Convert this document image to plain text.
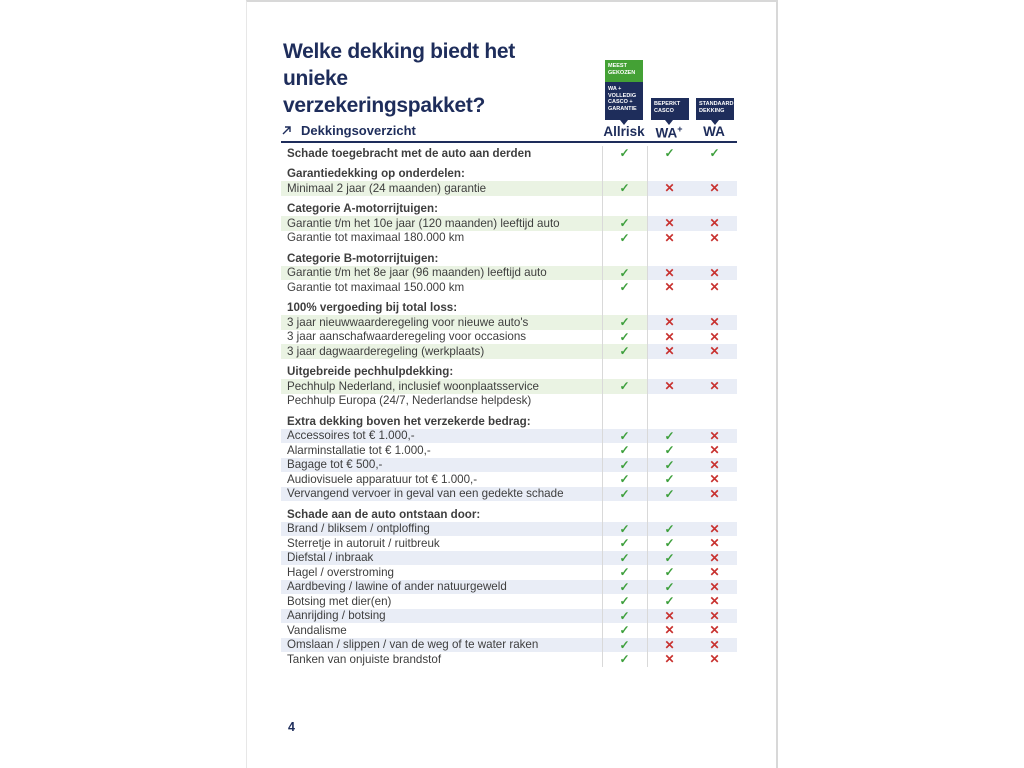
Welke dekking biedt het unieke
verzekeringspakket?
MEEST GEKOZEN
WA + VOLLEDIG CASCO + GARANTIE
BEPERKT CASCO
STANDAARD DEKKING
Allrisk WA+	WA
Dekkingsoverzicht
Schade toegebracht met de auto aan derden	✓	✓	✓
Garantiedekking op onderdelen:
Minimaal 2 jaar (24 maanden) garantie	✓	✕	✕
Categorie A-motorrijtuigen:
Garantie t/m het 10e jaar (120 maanden) leeftijd auto	✓	✕	✕
Garantie tot maximaal 180.000 km	✓	✕	✕
Categorie B-motorrijtuigen:
Garantie t/m het 8e jaar (96 maanden) leeftijd auto	✓	✕	✕
Garantie tot maximaal 150.000 km	✓	✕	✕
100% vergoeding bij total loss:
3 jaar nieuwwaarderegeling voor nieuwe auto's	✓	✕	✕
3 jaar aanschafwaarderegeling voor occasions	✓	✕	✕
3 jaar dagwaarderegeling (werkplaats)	✓	✕	✕
Uitgebreide pechhulpdekking:
Pechhulp Nederland, inclusief woonplaatsservice	✓	✕	✕
Pechhulp Europa (24/7, Nederlandse helpdesk)
Extra dekking boven het verzekerde bedrag:
Accessoires tot € 1.000,-	✓	✓	✕
Alarminstallatie tot € 1.000,-	✓	✓	✕
Bagage tot € 500,-	✓	✓	✕
Audiovisuele apparatuur tot € 1.000,-	✓	✓	✕
Vervangend vervoer in geval van een gedekte schade	✓	✓	✕
Schade aan de auto ontstaan door:
Brand / bliksem / ontploffing	✓	✓	✕
Sterretje in autoruit / ruitbreuk	✓	✓	✕
Diefstal / inbraak	✓	✓	✕
Hagel / overstroming	✓	✓	✕
Aardbeving / lawine of ander natuurgeweld	✓	✓	✕
Botsing met dier(en)	✓	✓	✕
Aanrijding / botsing	✓	✕	✕
Vandalisme	✓	✕	✕
Omslaan / slippen / van de weg of te water raken	✓	✕	✕
Tanken van onjuiste brandstof	✓	✕	✕
4
